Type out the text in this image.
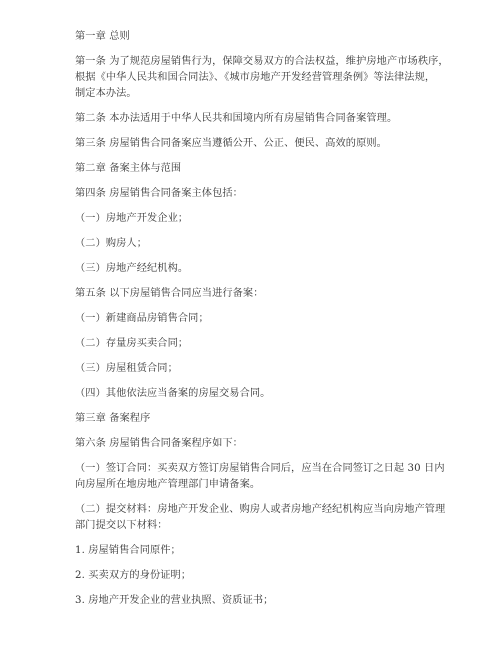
第一章 总则
第一条 为了规范房屋销售行为，保障交易双方的合法权益，维护房地产市场秩序，
根据《中华人民共和国合同法》、《城市房地产开发经营管理条例》等法律法规，
制定本办法。
第二条 本办法适用于中华人民共和国境内所有房屋销售合同备案管理。
第三条 房屋销售合同备案应当遵循公开、公正、便民、高效的原则。
第二章 备案主体与范围
第四条 房屋销售合同备案主体包括：
（一）房地产开发企业；
（二）购房人；
（三）房地产经纪机构。
第五条 以下房屋销售合同应当进行备案：
（一）新建商品房销售合同；
（二）存量房买卖合同；
（三）房屋租赁合同；
（四）其他依法应当备案的房屋交易合同。
第三章 备案程序
第六条 房屋销售合同备案程序如下：
（一）签订合同：买卖双方签订房屋销售合同后，应当在合同签订之日起 30 日内
向房屋所在地房地产管理部门申请备案。
（二）提交材料：房地产开发企业、购房人或者房地产经纪机构应当向房地产管理
部门提交以下材料：
1. 房屋销售合同原件；
2. 买卖双方的身份证明；
3. 房地产开发企业的营业执照、资质证书；
